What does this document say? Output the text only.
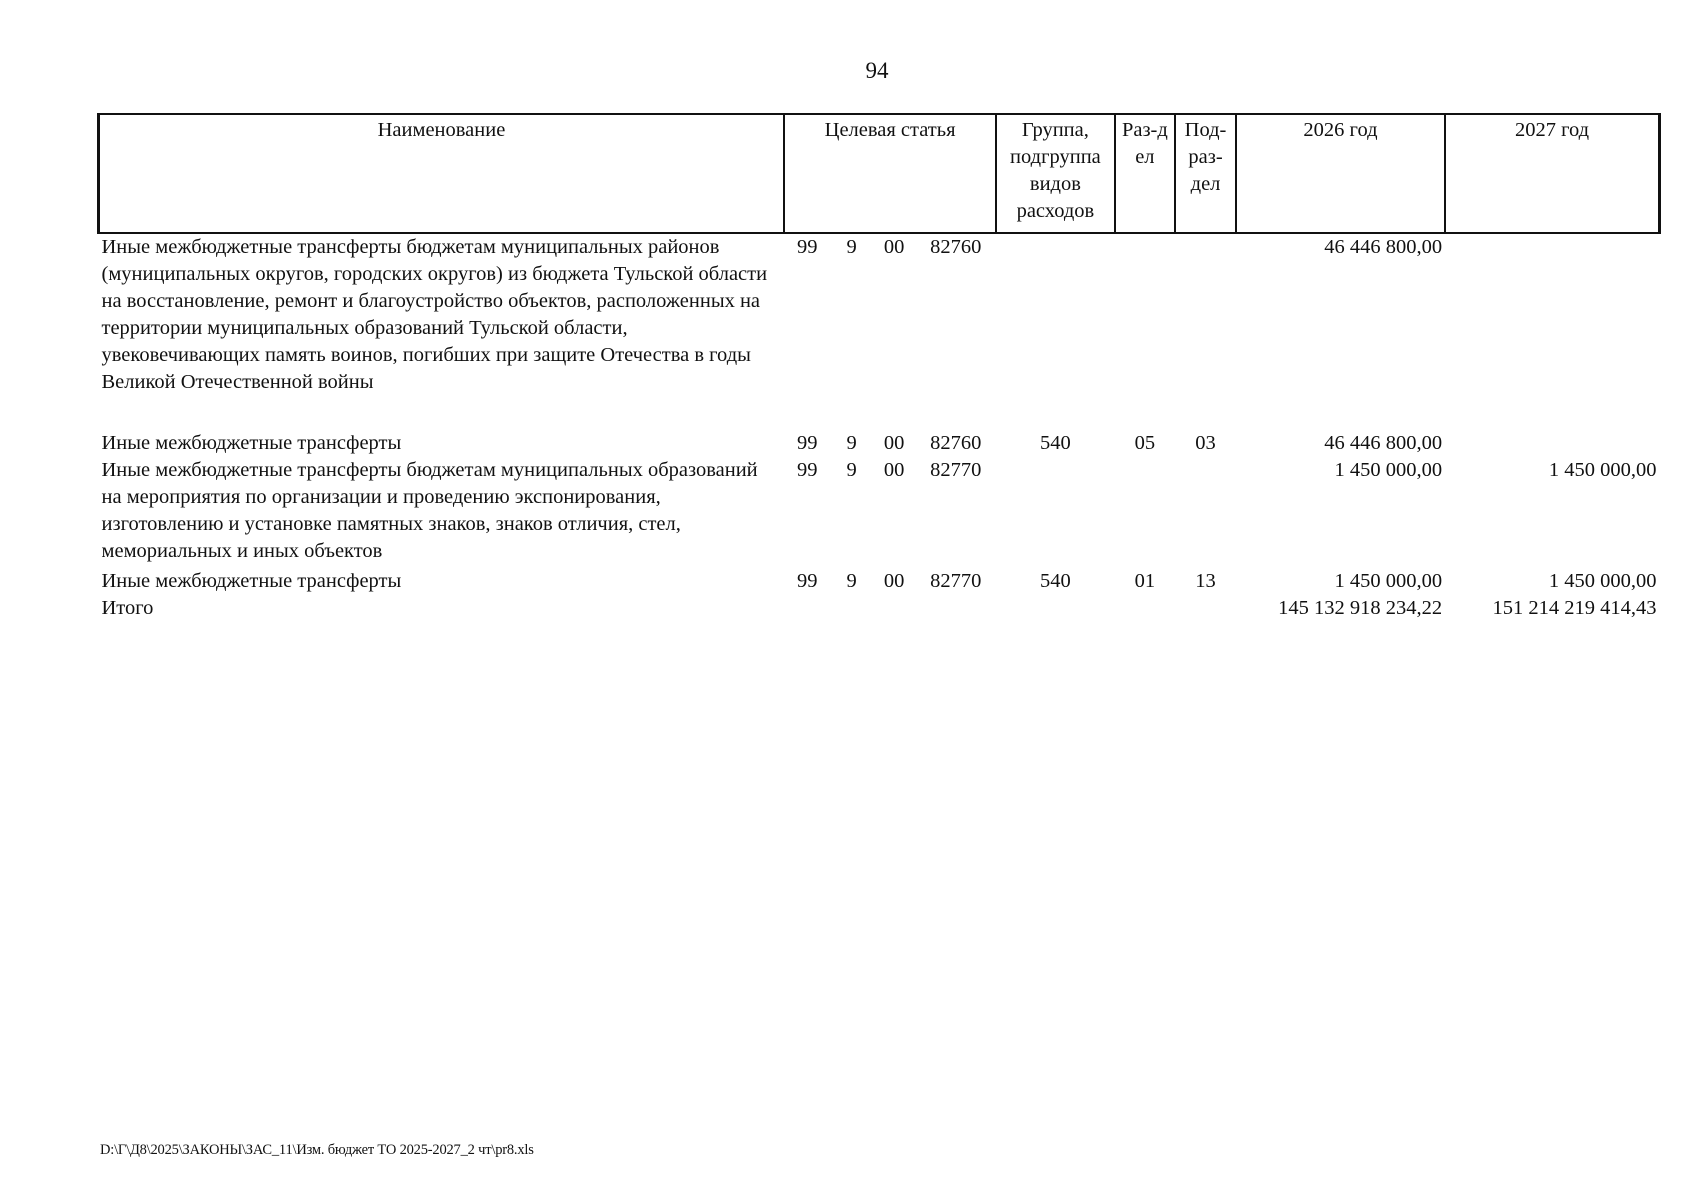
94
Наименование	Целевая статья				Группа, подгруппа видов расходов	Раз-дел	Под-раз-дел	2026 год	2027 год
Иные межбюджетные трансферты бюджетам муниципальных районов (муниципальных округов, городских округов) из бюджета Тульской области на восстановление, ремонт и благоустройство объектов, расположенных на территории муниципальных образований Тульской области, увековечивающих память воинов, погибших при защите Отечества в годы Великой Отечественной войны	99	9	00	82760				46 446 800,00	
Иные межбюджетные трансферты	99	9	00	82760	540	05	03	46 446 800,00	
Иные межбюджетные трансферты бюджетам муниципальных образований на мероприятия по организации и проведению экспонирования, изготовлению и установке памятных знаков, знаков отличия, стел, мемориальных и иных объектов	99	9	00	82770				1 450 000,00	1 450 000,00
Иные межбюджетные трансферты	99	9	00	82770	540	01	13	1 450 000,00	1 450 000,00
Итого								145 132 918 234,22	151 214 219 414,43
D:\Г\Д8\2025\ЗАКОНЫ\ЗАС_11\Изм. бюджет ТО 2025-2027_2 чт\pr8.xls
